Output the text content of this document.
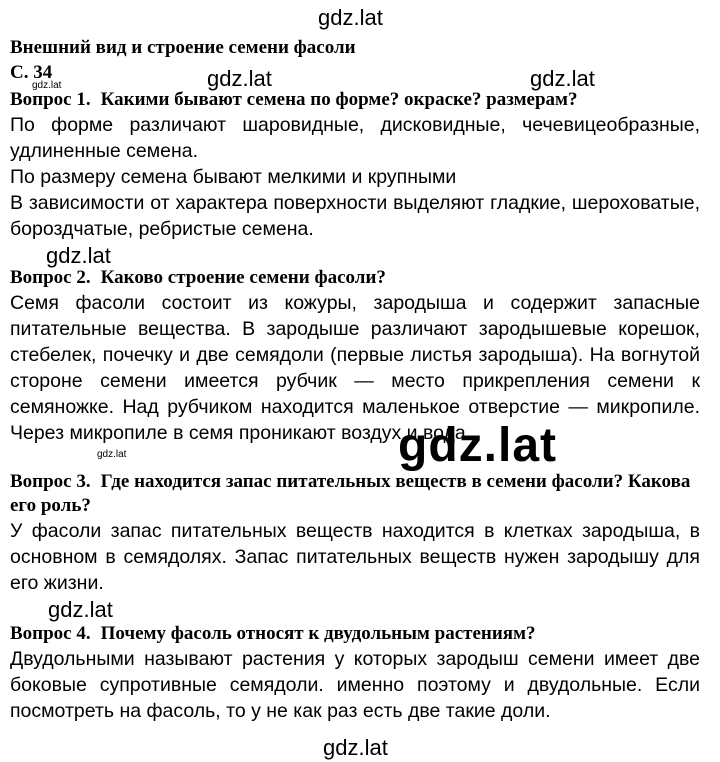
Внешний вид и строение семени фасоли
С. 34
Вопрос 1. Какими бывают семена по форме? окраске? размерам?

По форме различают шаровидные, дисковидные, чечевицеобразные, удлиненные семена.

По размеру семена бывают мелкими и крупными

В зависимости от характера поверхности выделяют гладкие, шероховатые, бороздчатые, ребристые семена.

Вопрос 2. Каково строение семени фасоли?

Семя фасоли состоит из кожуры, зародыша и содержит запасные питательные вещества. В зародыше различают зародышевые корешок, стебелек, почечку и две семядоли (первые листья зародыша). На вогнутой стороне семени имеется рубчик — место прикрепления семени к семяножке. Над рубчиком находится маленькое отверстие — микропиле. Через микропиле в семя проникают воздух и вода.

Вопрос 3. Где находится запас питательных веществ в семени фасоли? Какова его роль?

У фасоли запас питательных веществ находится в клетках зародыша, в основном в семядолях. Запас питательных веществ нужен зародышу для его жизни.

Вопрос 4. Почему фасоль относят к двудольным растениям?

Двудольными называют растения у которых зародыш семени имеет две боковые супротивные семядоли. именно поэтому и двудольные. Если посмотреть на фасоль, то у не как раз есть две такие доли.

gdz.lat
gdz.lat	gdz.lat	gdz.lat
gdz.lat
gdz.lat
gdz.lat
gdz.lat
gdz.lat
